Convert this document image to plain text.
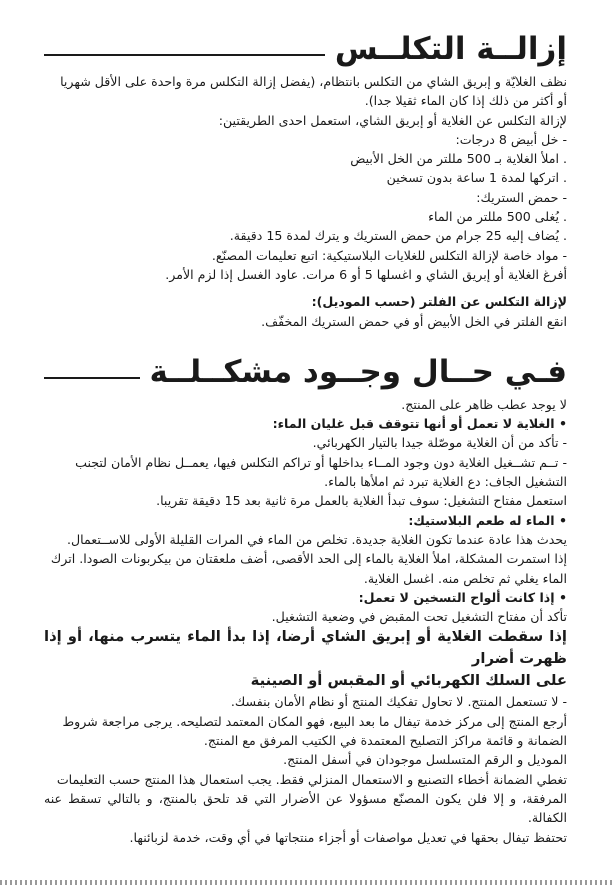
إزالــة التكلــس

نظف الغلايّة و إبريق الشاي من التكلس بانتظام، (يفضل إزالة التكلس مرة واحدة على الأقل شهريا

أو أكثر من ذلك إذا كان الماء ثقيلا جدا).

لإزالة التكلس عن الغلاية أو إبريق الشاي، استعمل احدى الطريقتين:

- خل أبيض 8 درجات:

. املأ الغلاية بـ 500 مللتر من الخل الأبيض

. اتركها لمدة 1 ساعة بدون تسخين

- حمض الستريك:

. يُغلى 500 مللتر من الماء

. يُضاف إليه 25 جرام من حمض الستريك و يترك لمدة 15 دقيقة.

- مواد خاصة لإزالة التكلس للغلايات البلاستيكية: اتبع تعليمات المصنّع.

أفرغ الغلاية أو إبريق الشاي و اغسلها 5 أو 6 مرات. عاود الغسل إذا لزم الأمر.

لإزالة التكلس عن الفلتر (حسب الموديل):

انقع الفلتر في الخل الأبيض أو في حمض الستريك المخفّف.

فـي حــال وجــود مشكــلــة

لا يوجد عطب ظاهر على المنتج.

• الغلاية لا تعمل أو أنها تتوقف قبل غليان الماء:

- تأكد من أن الغلاية موصّلة جيدا بالتيار الكهربائي.

- تــم تشــغيل الغلاية دون وجود المــاء بداخلها أو تراكم التكلس فيها، يعمــل نظام الأمان لتجنب

التشغيل الجاف: دع الغلاية تبرد ثم املأها بالماء.

استعمل مفتاح التشغيل: سوف تبدأ الغلاية بالعمل مرة ثانية بعد 15 دقيقة تقريبا.

• الماء له طعم البلاستيك:

يحدث هذا عادة عندما تكون الغلاية جديدة. تخلص من الماء في المرات القليلة الأولى للاســتعمال.

إذا استمرت المشكلة، املأ الغلاية بالماء إلى الحد الأقصى، أضف ملعقتان من بيكربونات الصودا. اترك

الماء يغلي ثم تخلص منه. اغسل الغلاية.

• إذا كانت ألواح التسخين لا تعمل:

تأكد أن مفتاح التشغيل تحت المقبض في وضعية التشغيل.

إذا سقطت الغلاية أو إبريق الشاي أرضا، إذا بدأ الماء يتسرب منها، أو إذا ظهرت أضرار

على السلك الكهربائي أو المقبس أو الصينية

- لا تستعمل المنتج. لا تحاول تفكيك المنتج أو نظام الأمان بنفسك.

أرجع المنتج إلى مركز خدمة تيفال ما بعد البيع، فهو المكان المعتمد لتصليحه. يرجى مراجعة شروط

الضمانة و قائمة مراكز التصليح المعتمدة في الكتيب المرفق مع المنتج.

الموديل و الرقم المتسلسل موجودان في أسفل المنتج.

تغطي الضمانة أخطاء التصنيع و الاستعمال المنزلي فقط. يجب استعمال هذا المنتج حسب التعليمات

المرفقة، و إلا فلن يكون المصنّع مسؤولا عن الأضرار التي قد تلحق بالمنتج، و بالتالي تسقط عنه الكفالة.

تحتفظ تيفال بحقها في تعديل مواصفات أو أجزاء منتجاتها في أي وقت، خدمة لزبائنها.
